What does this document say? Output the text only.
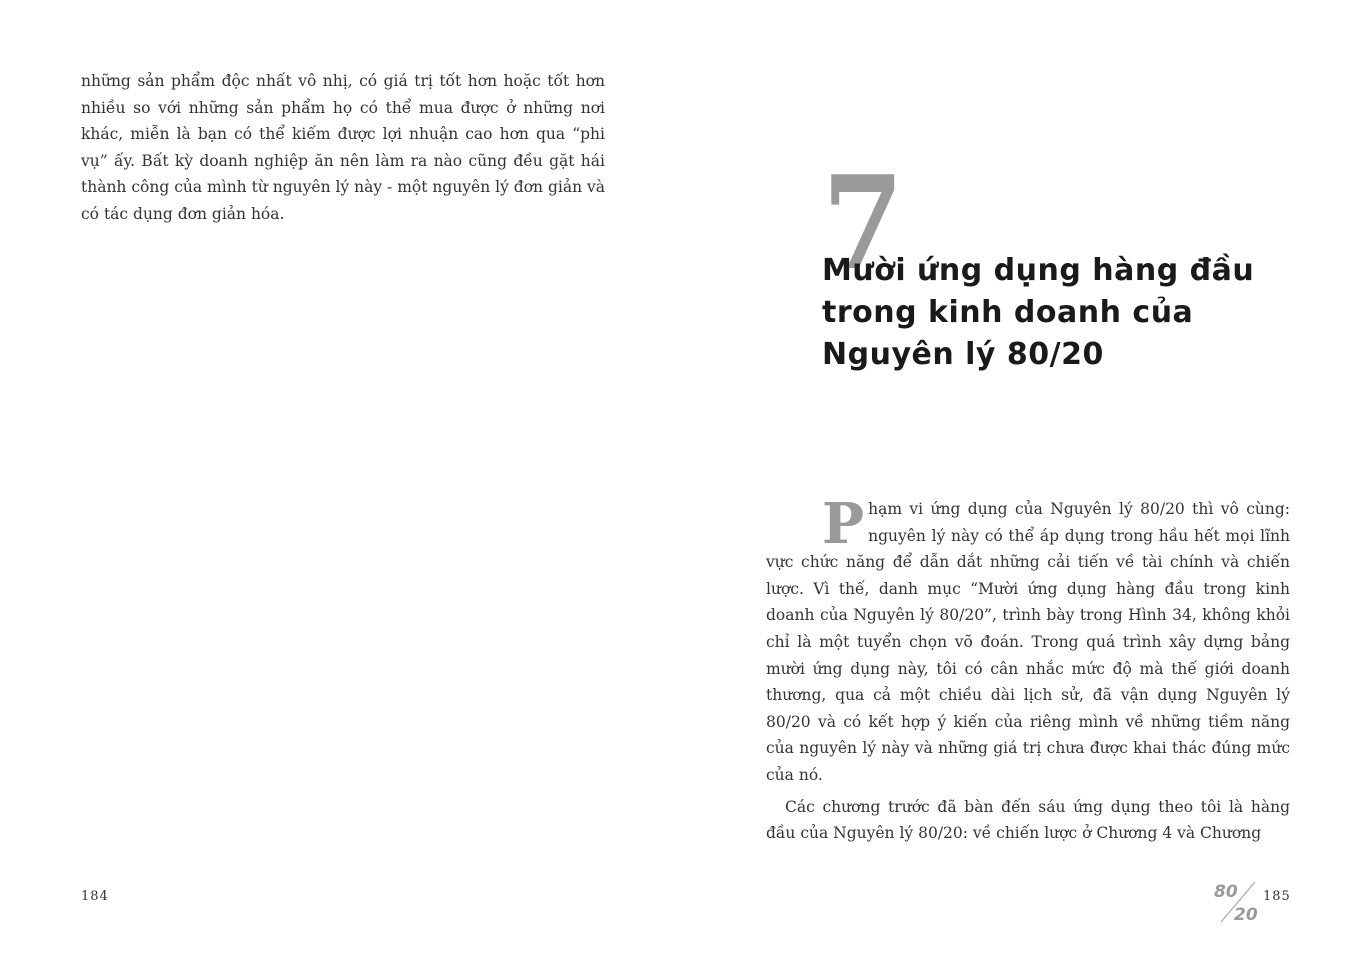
những sản phẩm độc nhất vô nhị, có giá trị tốt hơn hoặc tốt hơn nhiều so với những sản phẩm họ có thể mua được ở những nơi khác, miễn là bạn có thể kiếm được lợi nhuận cao hơn qua “phi vụ” ấy. Bất kỳ doanh nghiệp ăn nên làm ra nào cũng đều gặt hái thành công của mình từ nguyên lý này - một nguyên lý đơn giản và có tác dụng đơn giản hóa.

184

7
Mười ứng dụng hàng đầu
trong kinh doanh của
Nguyên lý 80/20

Phạm vi ứng dụng của Nguyên lý 80/20 thì vô cùng: nguyên lý này có thể áp dụng trong hầu hết mọi lĩnh vực chức năng để dẫn dắt những cải tiến về tài chính và chiến lược. Vì thế, danh mục “Mười ứng dụng hàng đầu trong kinh doanh của Nguyên lý 80/20”, trình bày trong Hình 34, không khỏi chỉ là một tuyển chọn võ đoán. Trong quá trình xây dựng bảng mười ứng dụng này, tôi có cân nhắc mức độ mà thế giới doanh thương, qua cả một chiều dài lịch sử, đã vận dụng Nguyên lý 80/20 và có kết hợp ý kiến của riêng mình về những tiềm năng của nguyên lý này và những giá trị chưa được khai thác đúng mức của nó.

Các chương trước đã bàn đến sáu ứng dụng theo tôi là hàng đầu của Nguyên lý 80/20: về chiến lược ở Chương 4 và Chương

80
20

185
